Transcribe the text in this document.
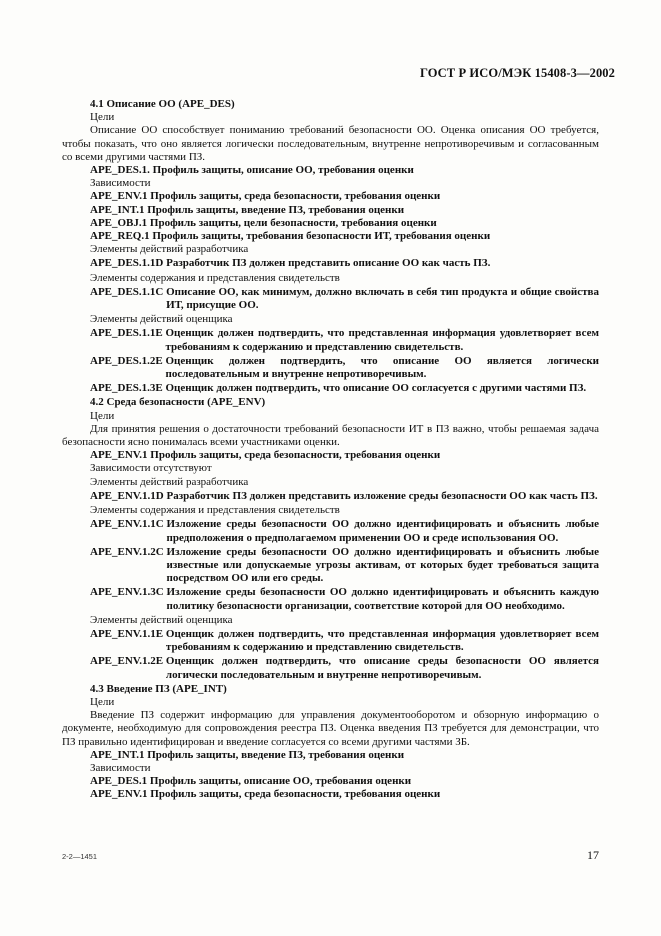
ГОСТ Р ИСО/МЭК 15408-3—2002
4.1 Описание ОО (APE_DES)
Цели
Описание ОО способствует пониманию требований безопасности ОО. Оценка описания ОО требуется, чтобы показать, что оно является логически последовательным, внутренне непротиворечивым и согласованным со всеми другими частями ПЗ.
APE_DES.1. Профиль защиты, описание ОО, требования оценки
Зависимости
APE_ENV.1 Профиль защиты, среда безопасности, требования оценки
APE_INT.1 Профиль защиты, введение ПЗ, требования оценки
APE_OBJ.1 Профиль защиты, цели безопасности, требования оценки
APE_REQ.1 Профиль защиты, требования безопасности ИТ, требования оценки
Элементы действий разработчика
APE_DES.1.1D Разработчик ПЗ должен представить описание ОО как часть ПЗ.
Элементы содержания и представления свидетельств
APE_DES.1.1C Описание ОО, как минимум, должно включать в себя тип продукта и общие свойства ИТ, присущие ОО.
Элементы действий оценщика
APE_DES.1.1E Оценщик должен подтвердить, что представленная информация удовлетворяет всем требованиям к содержанию и представлению свидетельств.
APE_DES.1.2E Оценщик должен подтвердить, что описание ОО является логически последовательным и внутренне непротиворечивым.
APE_DES.1.3E Оценщик должен подтвердить, что описание ОО согласуется с другими частями ПЗ.
4.2 Среда безопасности (APE_ENV)
Цели
Для принятия решения о достаточности требований безопасности ИТ в ПЗ важно, чтобы решаемая задача безопасности ясно понималась всеми участниками оценки.
APE_ENV.1 Профиль защиты, среда безопасности, требования оценки
Зависимости отсутствуют
Элементы действий разработчика
APE_ENV.1.1D Разработчик ПЗ должен представить изложение среды безопасности ОО как часть ПЗ.
Элементы содержания и представления свидетельств
APE_ENV.1.1C Изложение среды безопасности ОО должно идентифицировать и объяснить любые предположения о предполагаемом применении ОО и среде использования ОО.
APE_ENV.1.2C Изложение среды безопасности ОО должно идентифицировать и объяснить любые известные или допускаемые угрозы активам, от которых будет требоваться защита посредством ОО или его среды.
APE_ENV.1.3C Изложение среды безопасности ОО должно идентифицировать и объяснить каждую политику безопасности организации, соответствие которой для ОО необходимо.
Элементы действий оценщика
APE_ENV.1.1E Оценщик должен подтвердить, что представленная информация удовлетворяет всем требованиям к содержанию и представлению свидетельств.
APE_ENV.1.2E Оценщик должен подтвердить, что описание среды безопасности ОО является логически последовательным и внутренне непротиворечивым.
4.3 Введение ПЗ (APE_INT)
Цели
Введение ПЗ содержит информацию для управления документооборотом и обзорную информацию о документе, необходимую для сопровождения реестра ПЗ. Оценка введения ПЗ требуется для демонстрации, что ПЗ правильно идентифицирован и введение согласуется со всеми другими частями ЗБ.
APE_INT.1 Профиль защиты, введение ПЗ, требования оценки
Зависимости
APE_DES.1 Профиль защиты, описание ОО, требования оценки
APE_ENV.1 Профиль защиты, среда безопасности, требования оценки
2-2—1451	17
